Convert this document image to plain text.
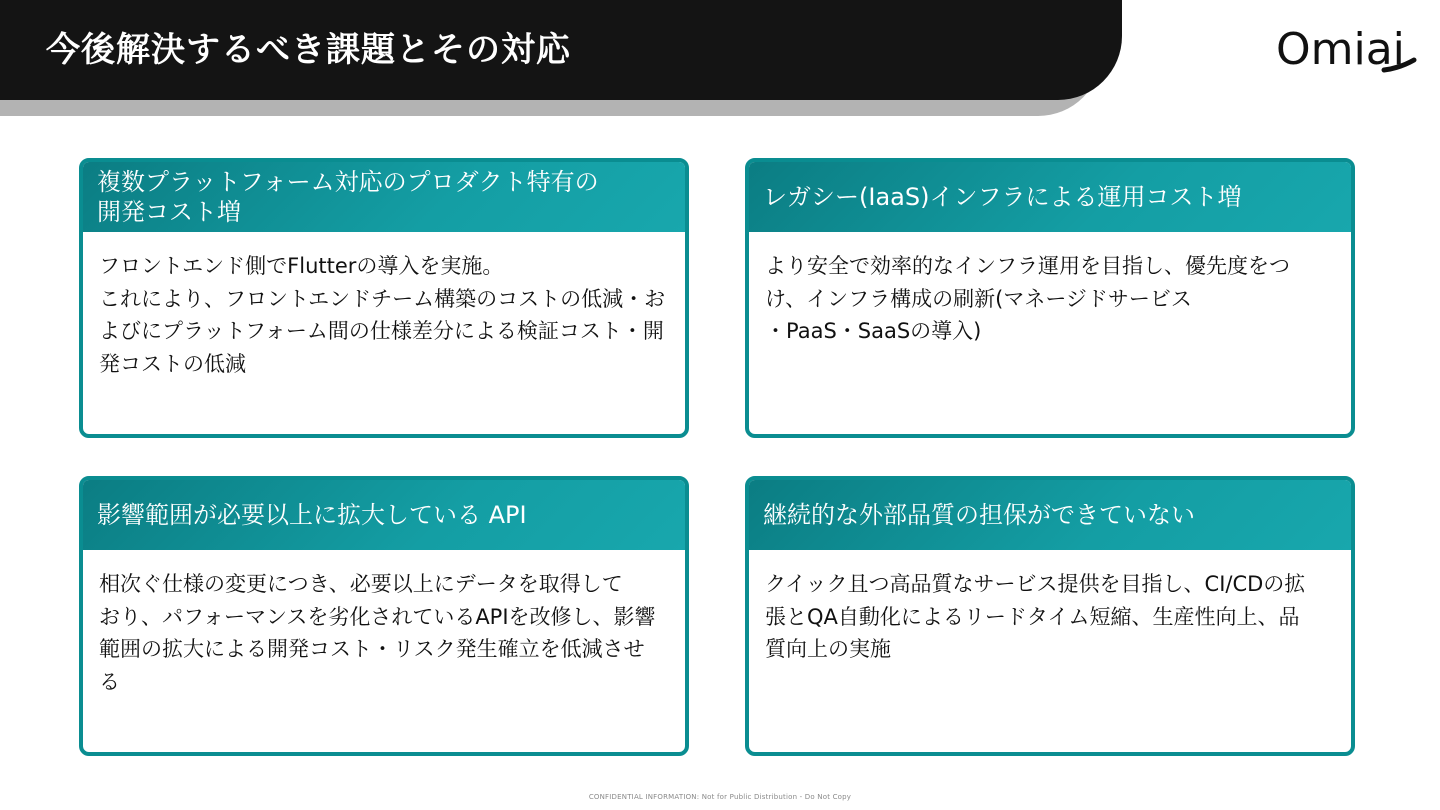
今後解決するべき課題とその対応	Omiai
複数プラットフォーム対応のプロダクト特有の
開発コスト増

フロントエンド側でFlutterの導入を実施。

これにより、フロントエンドチーム構築のコストの低減・お

よびにプラットフォーム間の仕様差分による検証コスト・開

発コストの低減

レガシー(IaaS)インフラによる運用コスト増

より安全で効率的なインフラ運用を目指し、優先度をつ

け、インフラ構成の刷新(マネージドサービス

・PaaS・SaaSの導入)

影響範囲が必要以上に拡大している API

相次ぐ仕様の変更につき、必要以上にデータを取得して

おり、パフォーマンスを劣化されているAPIを改修し、影響

範囲の拡大による開発コスト・リスク発生確立を低減させ

る

継続的な外部品質の担保ができていない

クイック且つ高品質なサービス提供を目指し、CI/CDの拡

張とQA自動化によるリードタイム短縮、生産性向上、品

質向上の実施

CONFIDENTIAL INFORMATION: Not for Public Distribution - Do Not Copy
